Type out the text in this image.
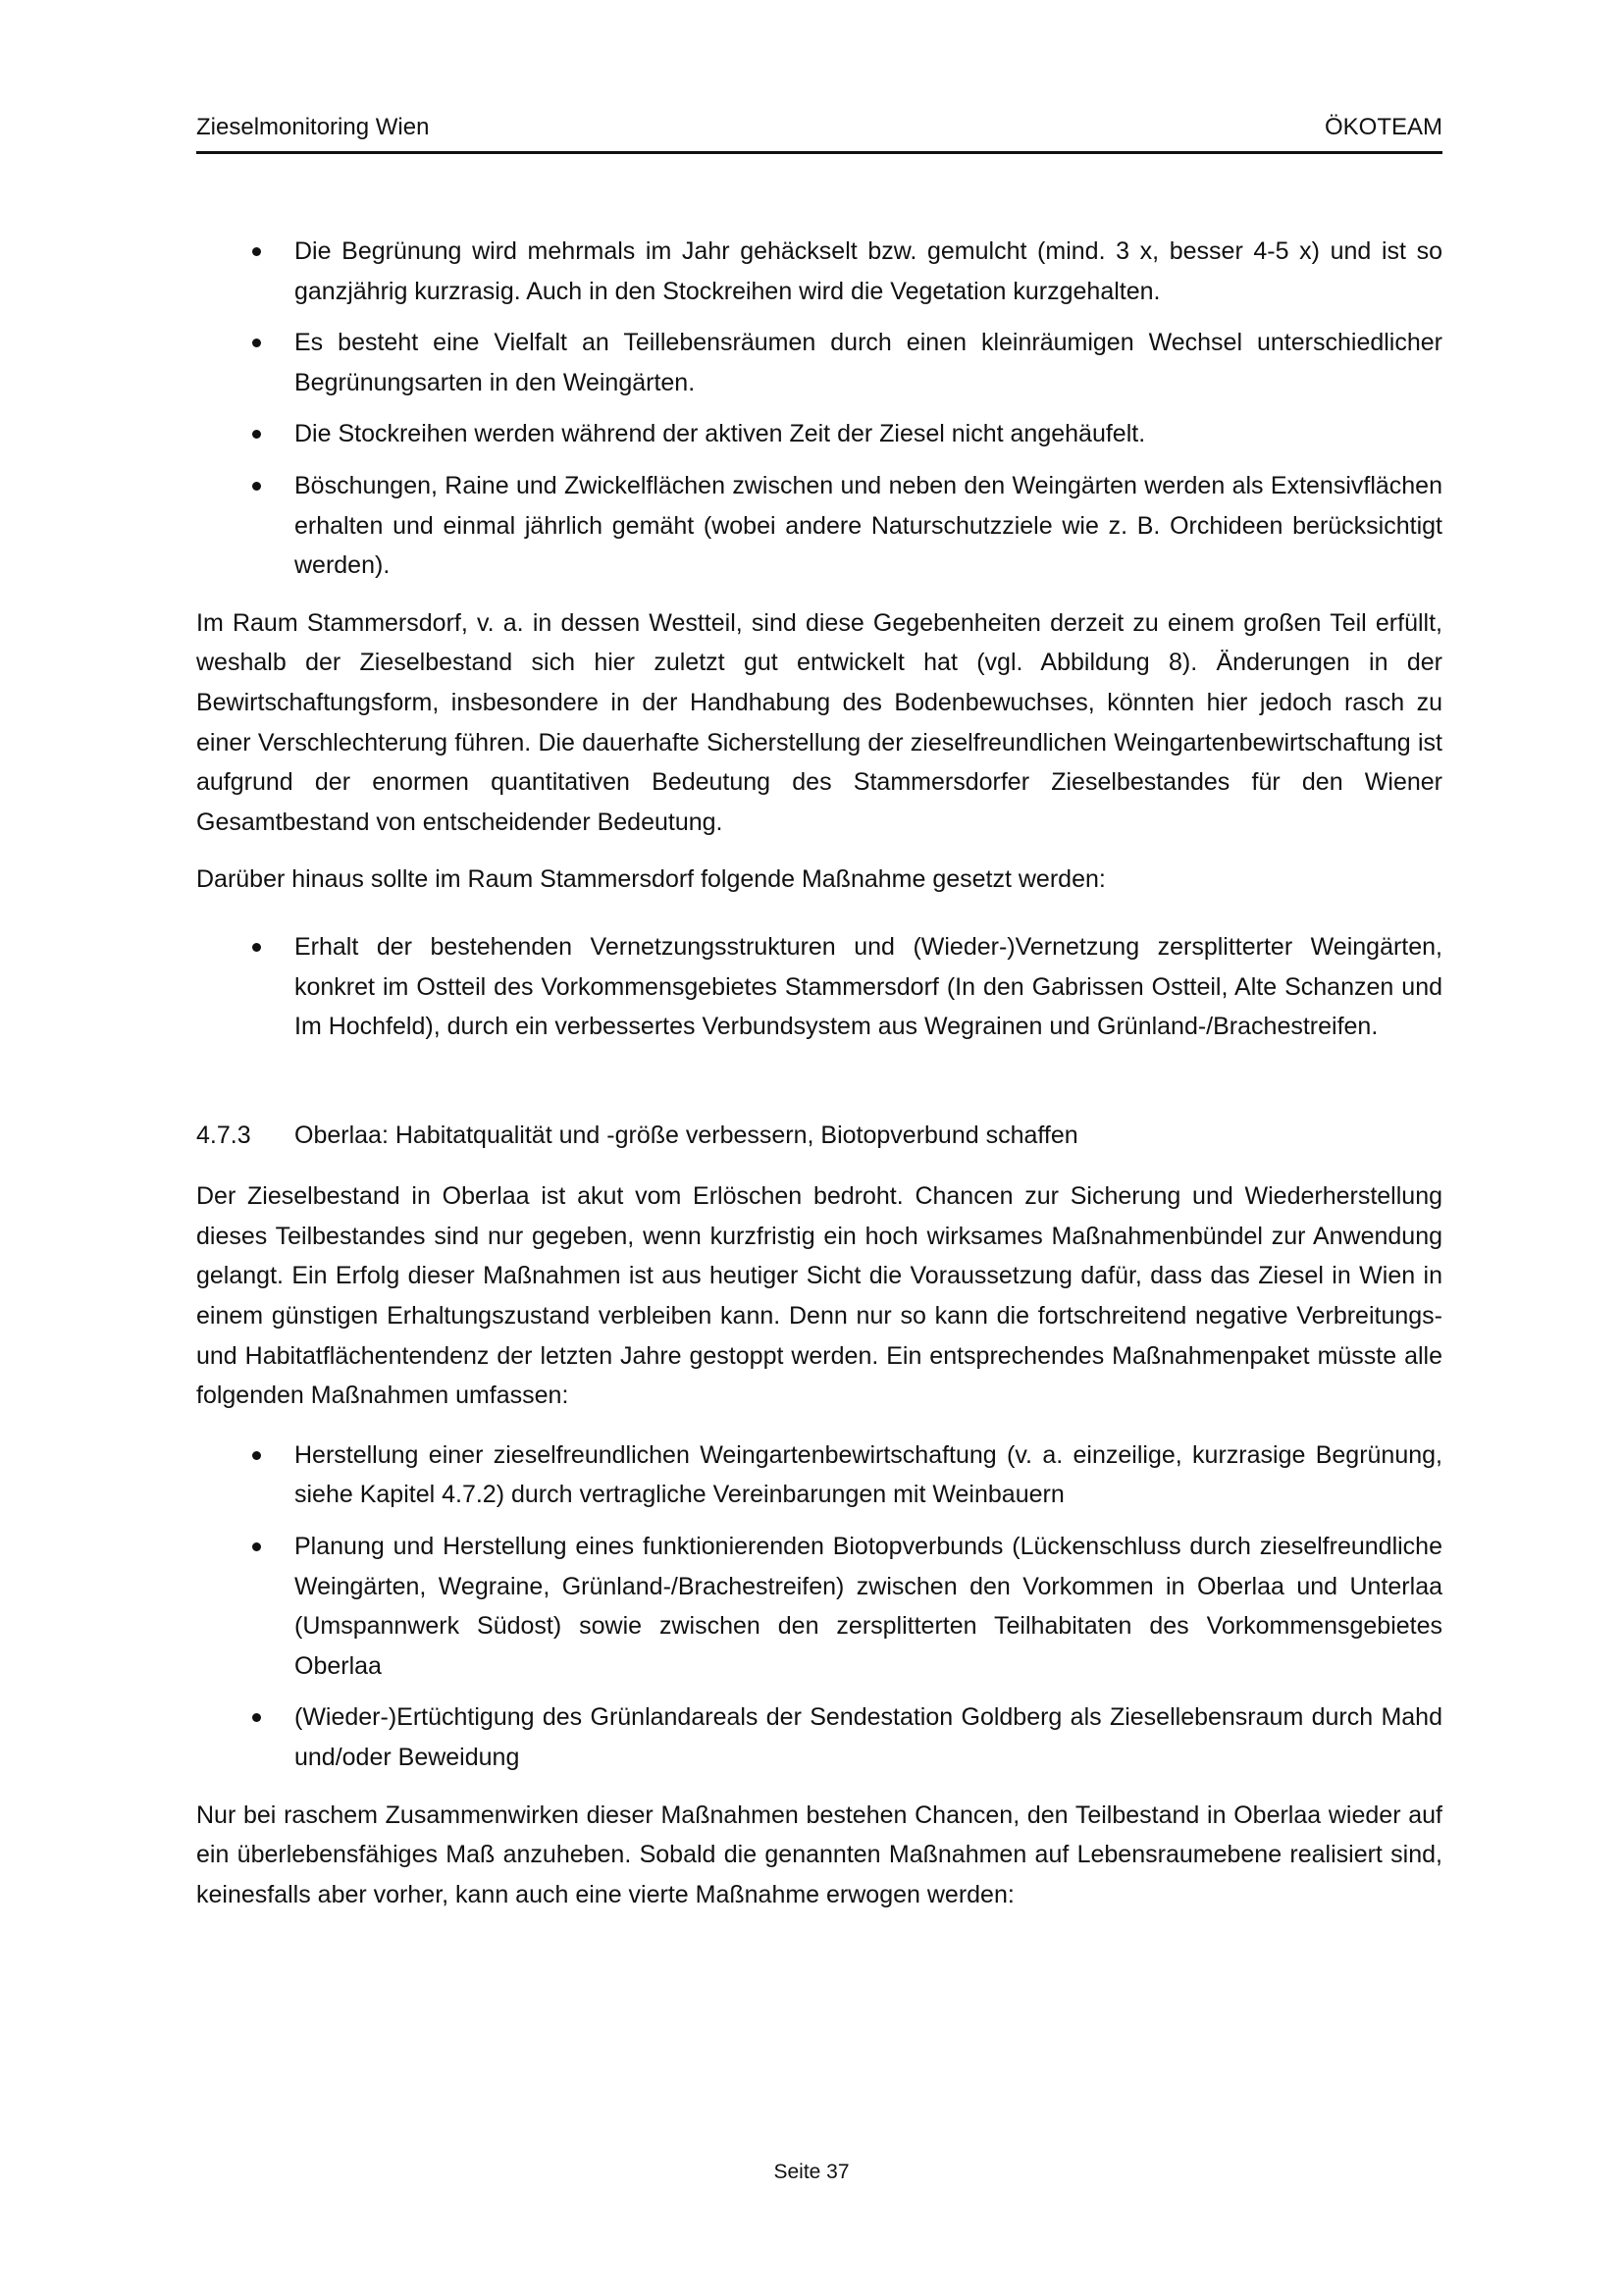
Zieselmonitoring Wien	ÖKOTEAM
Die Begrünung wird mehrmals im Jahr gehäckselt bzw. gemulcht (mind. 3 x, besser 4-5 x) und ist so ganzjährig kurzrasig. Auch in den Stockreihen wird die Vegetation kurzgehalten.
Es besteht eine Vielfalt an Teillebensräumen durch einen kleinräumigen Wechsel unterschiedlicher Begrünungsarten in den Weingärten.
Die Stockreihen werden während der aktiven Zeit der Ziesel nicht angehäufelt.
Böschungen, Raine und Zwickelflächen zwischen und neben den Weingärten werden als Extensivflächen erhalten und einmal jährlich gemäht (wobei andere Naturschutzziele wie z. B. Orchideen berücksichtigt werden).

Im Raum Stammersdorf, v. a. in dessen Westteil, sind diese Gegebenheiten derzeit zu einem großen Teil erfüllt, weshalb der Zieselbestand sich hier zuletzt gut entwickelt hat (vgl. Abbildung 8). Änderungen in der Bewirtschaftungsform, insbesondere in der Handhabung des Bodenbewuchses, könnten hier jedoch rasch zu einer Verschlechterung führen. Die dauerhafte Sicherstellung der zieselfreundlichen Weingartenbewirtschaftung ist aufgrund der enormen quantitativen Bedeutung des Stammersdorfer Zieselbestandes für den Wiener Gesamtbestand von entscheidender Bedeutung.

Darüber hinaus sollte im Raum Stammersdorf folgende Maßnahme gesetzt werden:

Erhalt der bestehenden Vernetzungsstrukturen und (Wieder-)Vernetzung zersplitterter Weingärten, konkret im Ostteil des Vorkommensgebietes Stammersdorf (In den Gabrissen Ostteil, Alte Schanzen und Im Hochfeld), durch ein verbessertes Verbundsystem aus Wegrainen und Grünland-/Brachestreifen.
4.7.3 Oberlaa: Habitatqualität und -größe verbessern, Biotopverbund schaffen

Der Zieselbestand in Oberlaa ist akut vom Erlöschen bedroht. Chancen zur Sicherung und Wiederherstellung dieses Teilbestandes sind nur gegeben, wenn kurzfristig ein hoch wirksames Maßnahmenbündel zur Anwendung gelangt. Ein Erfolg dieser Maßnahmen ist aus heutiger Sicht die Voraussetzung dafür, dass das Ziesel in Wien in einem günstigen Erhaltungszustand verbleiben kann. Denn nur so kann die fortschreitend negative Verbreitungs- und Habitatflächentendenz der letzten Jahre gestoppt werden. Ein entsprechendes Maßnahmenpaket müsste alle folgenden Maßnahmen umfassen:

Herstellung einer zieselfreundlichen Weingartenbewirtschaftung (v. a. einzeilige, kurzrasige Begrünung, siehe Kapitel 4.7.2) durch vertragliche Vereinbarungen mit Weinbauern
Planung und Herstellung eines funktionierenden Biotopverbunds (Lückenschluss durch zieselfreundliche Weingärten, Wegraine, Grünland-/Brachestreifen) zwischen den Vorkommen in Oberlaa und Unterlaa (Umspannwerk Südost) sowie zwischen den zersplitterten Teilhabitaten des Vorkommensgebietes Oberlaa
(Wieder-)Ertüchtigung des Grünlandareals der Sendestation Goldberg als Ziesellebensraum durch Mahd und/oder Beweidung

Nur bei raschem Zusammenwirken dieser Maßnahmen bestehen Chancen, den Teilbestand in Oberlaa wieder auf ein überlebensfähiges Maß anzuheben. Sobald die genannten Maßnahmen auf Lebensraumebene realisiert sind, keinesfalls aber vorher, kann auch eine vierte Maßnahme erwogen werden:

Seite 37
